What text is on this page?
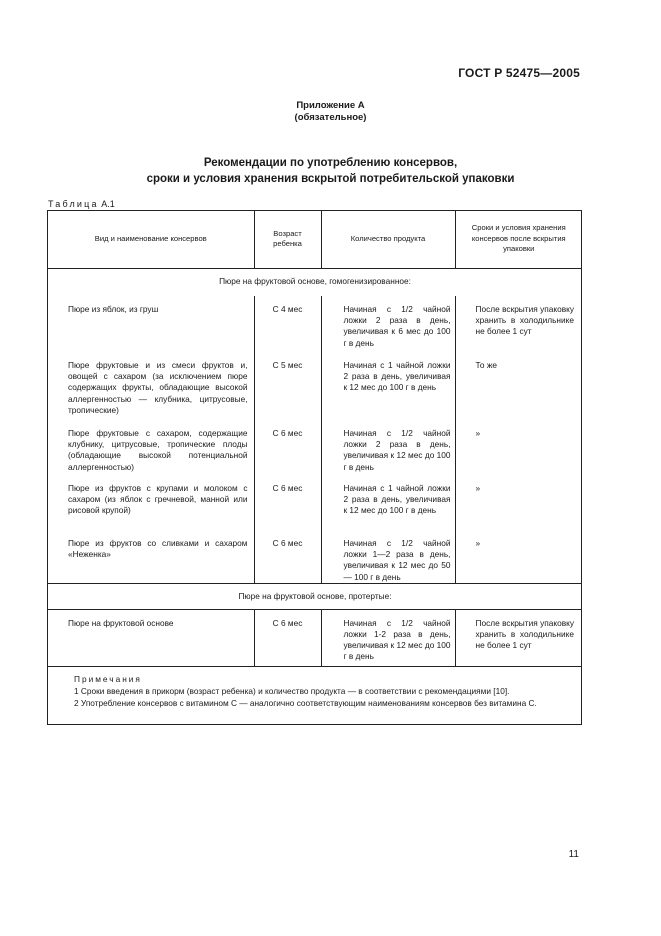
ГОСТ Р 52475—2005
Приложение А
(обязательное)
Рекомендации по употреблению консервов,
сроки и условия хранения вскрытой потребительской упаковки
Таблица А.1
Вид и наименование консервов	Возраст ребенка	Количество продукта	Сроки и условия хранения консервов после вскрытия упаковки
Пюре на фруктовой основе, гомогенизированное:			
Пюре из яблок, из груш	С 4 мес	Начиная с 1/2 чайной ложки 2 раза в день, увеличивая к 6 мес до 100 г в день	После вскрытия упаковку хранить в холодильнике не более 1 сут
Пюре фруктовые и из смеси фруктов и, овощей с сахаром (за исключением пюре содержащих фрукты, обладающие высокой аллергенностью — клубника, цитрусовые, тропические)	С 5 мес	Начиная с 1 чайной ложки 2 раза в день, увеличивая к 12 мес до 100 г в день	То же
Пюре фруктовые с сахаром, содержащие клубнику, цитрусовые, тропические плоды (обладающие высокой потенциальной аллергенностью)	С 6 мес	Начиная с 1/2 чайной ложки 2 раза в день, увеличивая к 12 мес до 100 г в день	»
Пюре из фруктов с крупами и молоком с сахаром (из яблок с гречневой, манной или рисовой крупой)	С 6 мес	Начиная с 1 чайной ложки 2 раза в день, увеличивая к 12 мес до 100 г в день	»
Пюре из фруктов со сливками и сахаром «Неженка»	С 6 мес	Начиная с 1/2 чайной ложки 1—2 раза в день, увеличивая к 12 мес до 50 — 100 г в день	»
Пюре на фруктовой основе, протертые:			
Пюре на фруктовой основе	С 6 мес	Начиная с 1/2 чайной ложки 1-2 раза в день, увеличивая к 12 мес до 100 г в день	После вскрытия упаковку хранить в холодильнике не более 1 сут

Примечания
1 Сроки введения в прикорм (возраст ребенка) и количество продукта — в соответствии с рекомендациями [10].
2 Употребление консервов с витамином С — аналогично соответствующим наименованиям консервов без витамина С.			
11
